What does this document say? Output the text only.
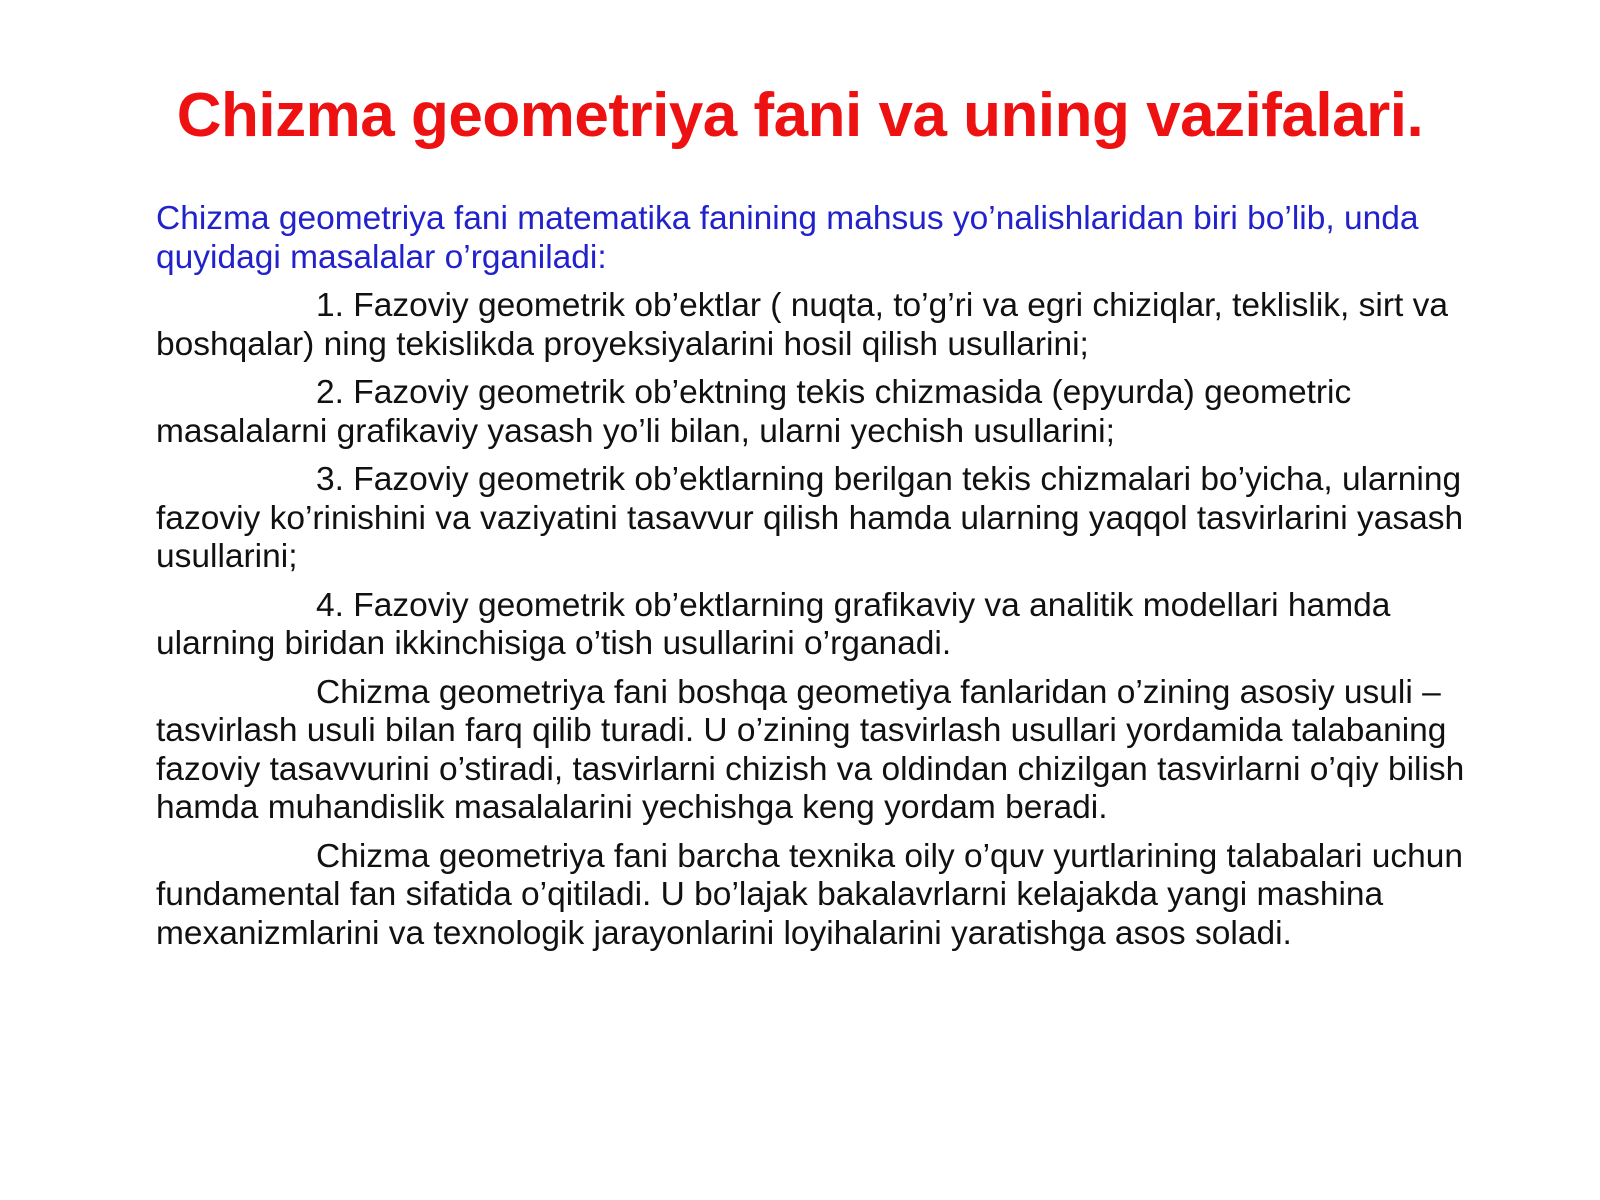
Chizma geometriya fani va uning vazifalari.

Chizma geometriya fani matematika fanining mahsus yo’nalishlaridan biri bo’lib, unda quyidagi masalalar o’rganiladi:

1. Fazoviy geometrik ob’ektlar ( nuqta, to’g’ri va egri chiziqlar, teklislik, sirt va boshqalar) ning tekislikda proyeksiyalarini hosil qilish usullarini;

2. Fazoviy geometrik ob’ektning tekis chizmasida (epyurda) geometric masalalarni grafikaviy yasash yo’li bilan, ularni yechish usullarini;

3. Fazoviy geometrik ob’ektlarning berilgan tekis chizmalari bo’yicha, ularning fazoviy ko’rinishini va vaziyatini tasavvur qilish hamda ularning yaqqol tasvirlarini yasash usullarini;

4. Fazoviy geometrik ob’ektlarning grafikaviy va analitik modellari hamda ularning biridan ikkinchisiga o’tish usullarini o’rganadi.

Chizma geometriya fani boshqa geometiya fanlaridan o’zining asosiy usuli – tasvirlash usuli bilan farq qilib turadi. U o’zining tasvirlash usullari yordamida talabaning fazoviy tasavvurini o’stiradi, tasvirlarni chizish va oldindan chizilgan tasvirlarni o’qiy bilish hamda muhandislik masalalarini yechishga keng yordam beradi.

Chizma geometriya fani barcha texnika oily o’quv yurtlarining talabalari uchun fundamental fan sifatida o’qitiladi. U bo’lajak bakalavrlarni kelajakda yangi mashina mexanizmlarini va texnologik jarayonlarini loyihalarini yaratishga asos soladi.
